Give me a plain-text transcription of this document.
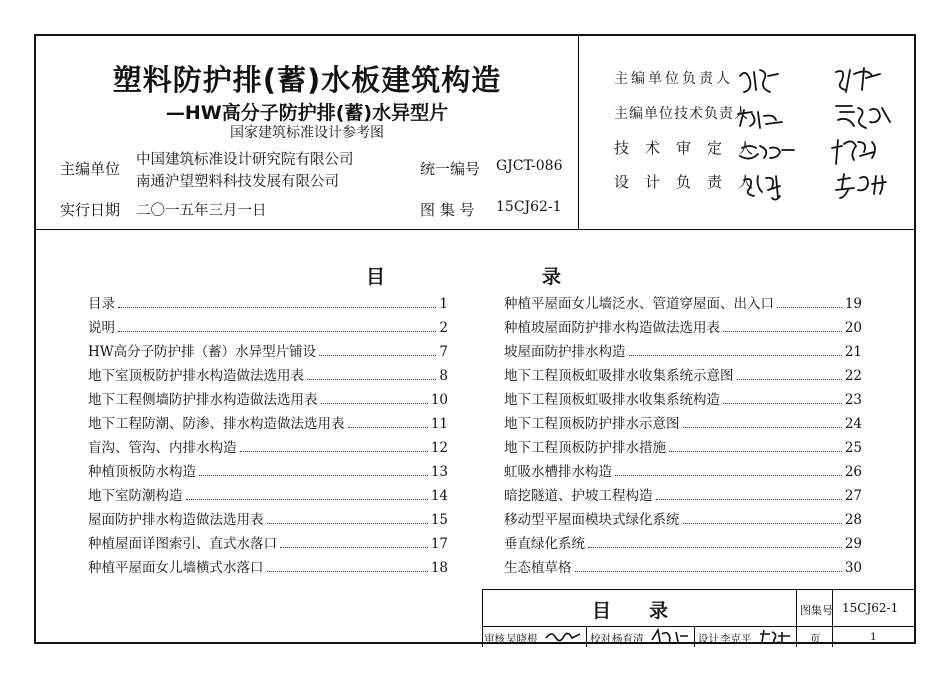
塑料防护排(蓄)水板建筑构造
—HW高分子防护排(蓄)水异型片
国家建筑标准设计参考图
主编单位 中国建筑标准设计研究院有限公司
南通沪望塑料科技发展有限公司
统一编号 GJCT-086
实行日期 二〇一五年三月一日	图 集 号 15CJ62-1
主编单位负责人
主编单位技术负责人
技术审定人
设计负责人
目	录
目录	1
说明	2
HW高分子防护排（蓄）水异型片铺设	7
地下室顶板防护排水构造做法选用表	8
地下工程侧墙防护排水构造做法选用表	10
地下工程防潮、防渗、排水构造做法选用表	11
盲沟、管沟、内排水构造	12
种植顶板防水构造	13
地下室防潮构造	14
屋面防护排水构造做法选用表	15
种植屋面详图索引、直式水落口	17
种植平屋面女儿墙横式水落口	18
种植平屋面女儿墙泛水、管道穿屋面、出入口	19
种植坡屋面防护排水构造做法选用表	20
坡屋面防护排水构造	21
地下工程顶板虹吸排水收集系统示意图	22
地下工程顶板虹吸排水收集系统构造	23
地下工程顶板防护排水示意图	24
地下工程顶板防护排水措施	25
虹吸水槽排水构造	26
暗挖隧道、护坡工程构造	27
移动型平屋面模块式绿化系统	28
垂直绿化系统	29
生态植草格	30
目　　录	图集号 15CJ62-1
审核 吴晓根	校对 杨育清	设计 李克平	页	1
